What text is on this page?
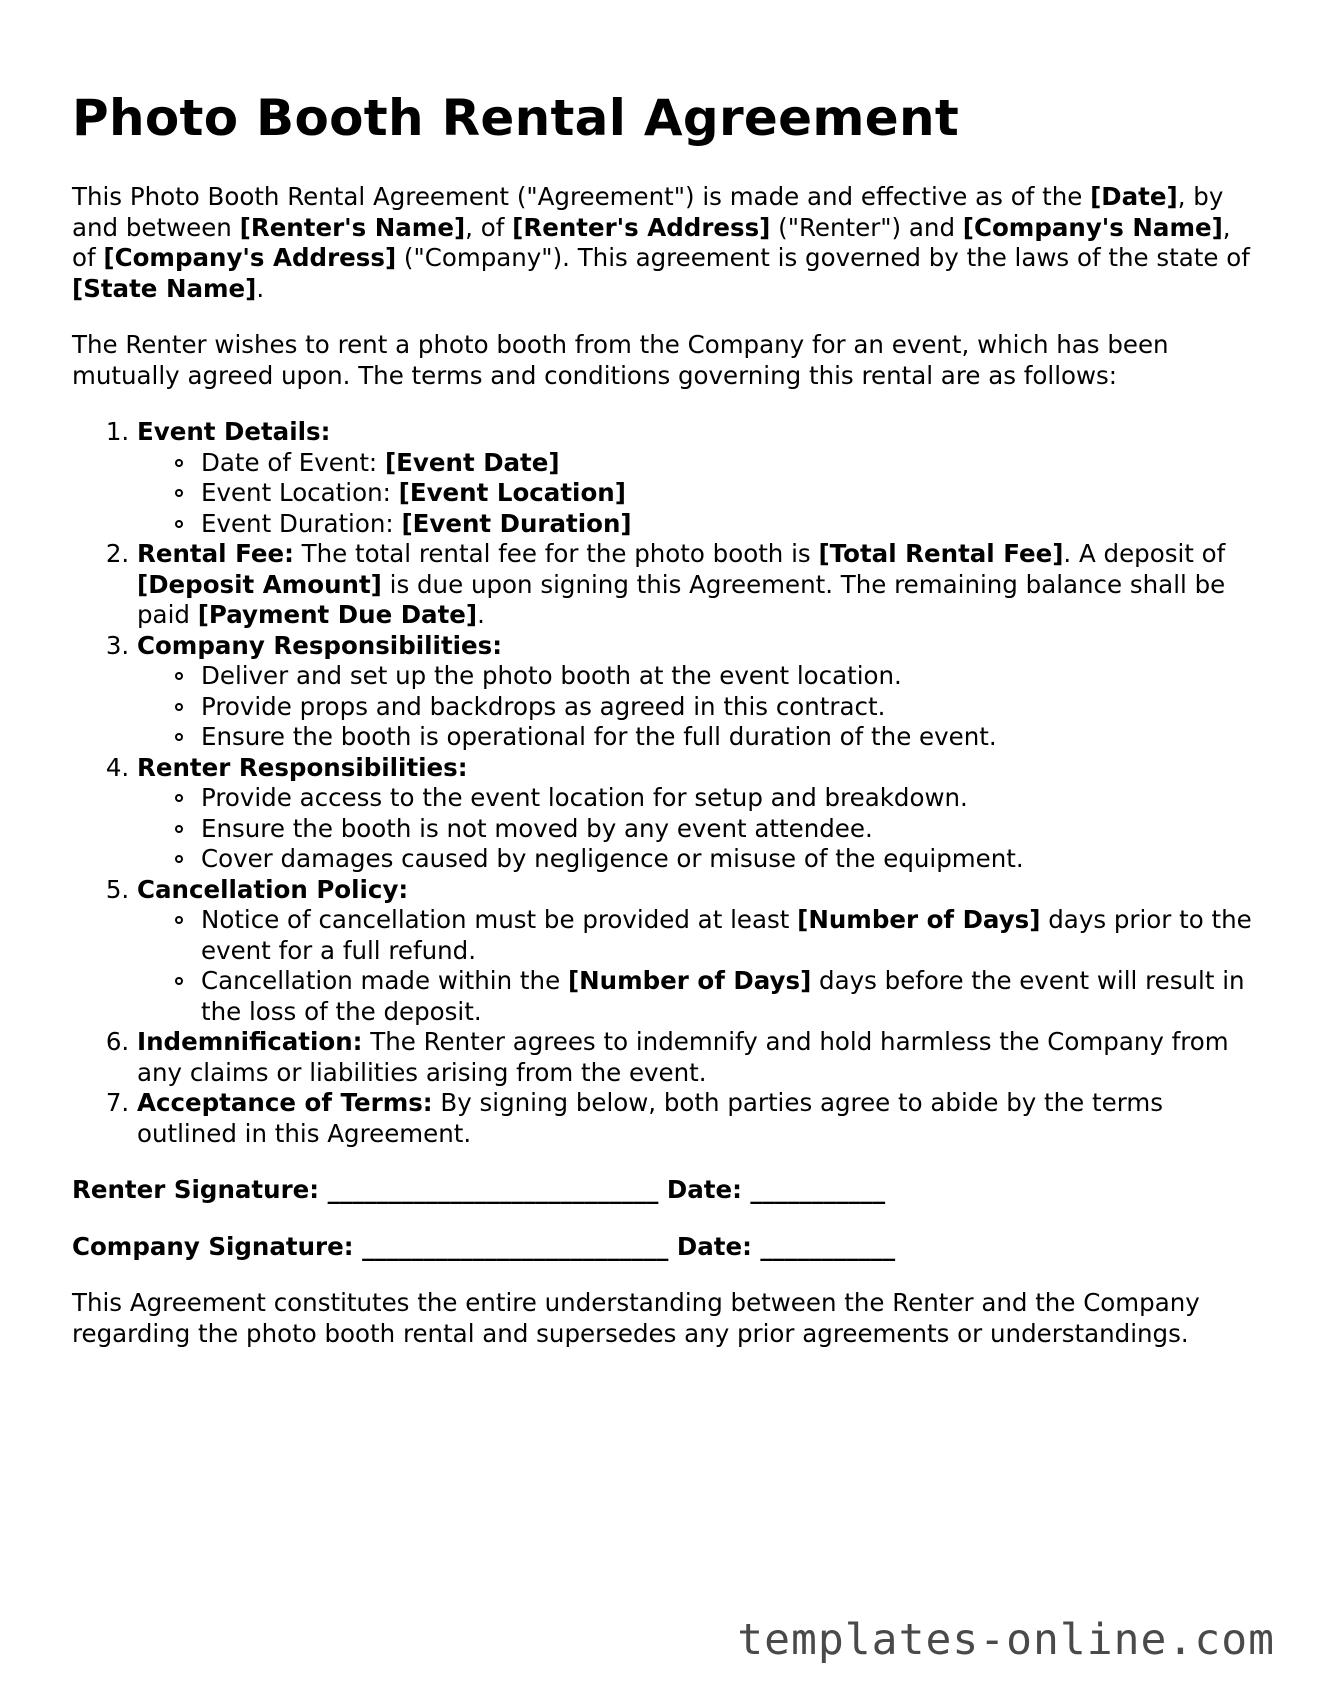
Photo Booth Rental Agreement

This Photo Booth Rental Agreement ("Agreement") is made and effective as of the [Date], by and between [Renter's Name], of [Renter's Address] ("Renter") and [Company's Name], of [Company's Address] ("Company"). This agreement is governed by the laws of the state of [State Name].

The Renter wishes to rent a photo booth from the Company for an event, which has been mutually agreed upon. The terms and conditions governing this rental are as follows:

1. Event Details:
Date of Event: [Event Date]
Event Location: [Event Location]
Event Duration: [Event Duration]
2. Rental Fee: The total rental fee for the photo booth is [Total Rental Fee]. A deposit of [Deposit Amount] is due upon signing this Agreement. The remaining balance shall be paid [Payment Due Date].
3. Company Responsibilities:
Deliver and set up the photo booth at the event location.
Provide props and backdrops as agreed in this contract.
Ensure the booth is operational for the full duration of the event.
4. Renter Responsibilities:
Provide access to the event location for setup and breakdown.
Ensure the booth is not moved by any event attendee.
Cover damages caused by negligence or misuse of the equipment.
5. Cancellation Policy:
Notice of cancellation must be provided at least [Number of Days] days prior to the event for a full refund.
Cancellation made within the [Number of Days] days before the event will result in the loss of the deposit.
6. Indemnification: The Renter agrees to indemnify and hold harmless the Company from any claims or liabilities arising from the event.
7. Acceptance of Terms: By signing below, both parties agree to abide by the terms outlined in this Agreement.

Renter Signature: ___________________________ Date: ___________

Company Signature: _________________________ Date: ___________

This Agreement constitutes the entire understanding between the Renter and the Company regarding the photo booth rental and supersedes any prior agreements or understandings.

templates-online.com
